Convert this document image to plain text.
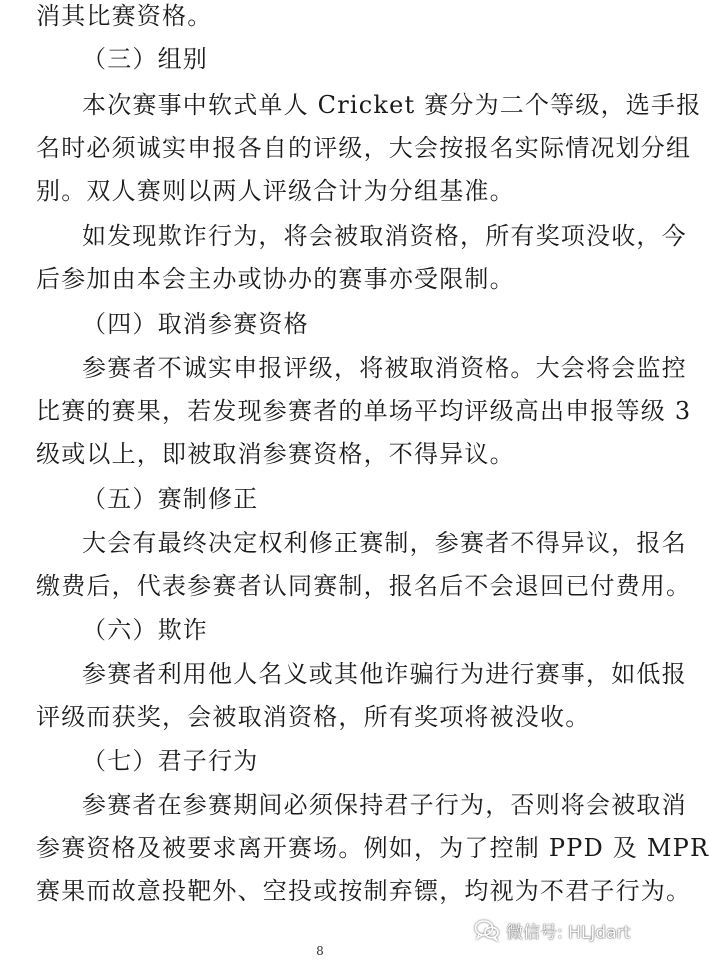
消其比赛资格。
（三）组别
本次赛事中软式单人 Cricket 赛分为二个等级，选手报
名时必须诚实申报各自的评级，大会按报名实际情况划分组
别。双人赛则以两人评级合计为分组基准。
如发现欺诈行为，将会被取消资格，所有奖项没收，今
后参加由本会主办或协办的赛事亦受限制。
（四）取消参赛资格
参赛者不诚实申报评级，将被取消资格。大会将会监控
比赛的赛果，若发现参赛者的单场平均评级高出申报等级 3
级或以上，即被取消参赛资格，不得异议。
（五）赛制修正
大会有最终决定权利修正赛制，参赛者不得异议，报名
缴费后，代表参赛者认同赛制，报名后不会退回已付费用。
（六）欺诈
参赛者利用他人名义或其他诈骗行为进行赛事，如低报
评级而获奖，会被取消资格，所有奖项将被没收。
（七）君子行为
参赛者在参赛期间必须保持君子行为，否则将会被取消
参赛资格及被要求离开赛场。例如，为了控制 PPD 及 MPR
赛果而故意投靶外、空投或按制弃镖，均视为不君子行为。
微信号: HLJdart
8
